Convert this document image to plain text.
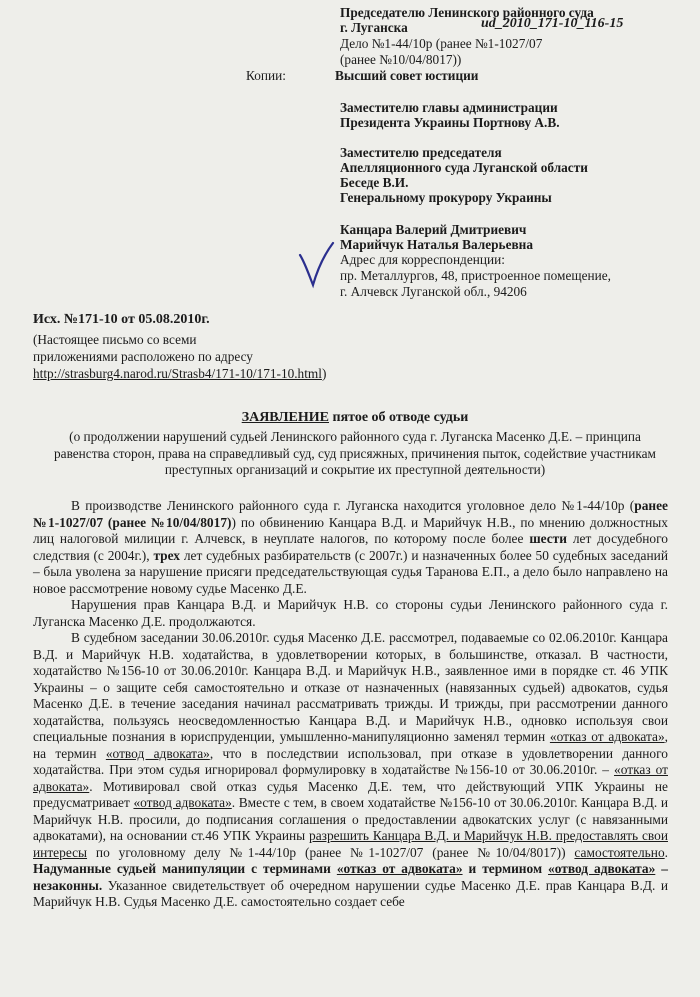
ud_2010_171-10_116-15
Председателю Ленинского районного суда
г. Луганска
Дело №1-44/10р (ранее №1-1027/07
(ранее №10/04/8017))
Копии:	Высший совет юстиции
Заместителю главы администрации
Президента Украины Портнову А.В.
Заместителю председателя
Апелляционного суда Луганской области
Беседе В.И.
Генеральному прокурору Украины
Канцара Валерий Дмитриевич
Марийчук Наталья Валерьевна
Адрес для корреспонденции:
пр. Металлургов, 48, пристроенное помещение,
г. Алчевск Луганской обл., 94206
Исх. №171-10 от 05.08.2010г.
(Настоящее письмо со всеми
приложениями расположено по адресу
http://strasburg4.narod.ru/Strasb4/171-10/171-10.html)
ЗАЯВЛЕНИЕ пятое об отводе судьи
(о продолжении нарушений судьей Ленинского районного суда г. Луганска Масенко Д.Е. – принципа равенства сторон, права на справедливый суд, суд присяжных, причинения пыток, содействие участникам преступных организаций и сокрытие их преступной деятельности)

В производстве Ленинского районного суда г. Луганска находится уголовное дело №1-44/10р (ранее №1-1027/07 (ранее №10/04/8017)) по обвинению Канцара В.Д. и Марийчук Н.В., по мнению должностных лиц налоговой милиции г. Алчевск, в неуплате налогов, по которому после более шести лет досудебного следствия (с 2004г.), трех лет судебных разбирательств (с 2007г.) и назначенных более 50 судебных заседаний – была уволена за нарушение присяги председательствующая судья Таранова Е.П., а дело было направлено на новое рассмотрение новому судье Масенко Д.Е.

Нарушения прав Канцара В.Д. и Марийчук Н.В. со стороны судьи Ленинского районного суда г. Луганска Масенко Д.Е. продолжаются.

В судебном заседании 30.06.2010г. судья Масенко Д.Е. рассмотрел, подаваемые со 02.06.2010г. Канцара В.Д. и Марийчук Н.В. ходатайства, в удовлетворении которых, в большинстве, отказал. В частности, ходатайство №156-10 от 30.06.2010г. Канцара В.Д. и Марийчук Н.В., заявленное ими в порядке ст. 46 УПК Украины – о защите себя самостоятельно и отказе от назначенных (навязанных судьей) адвокатов, судья Масенко Д.Е. в течение заседания начинал рассматривать трижды. И трижды, при рассмотрении данного ходатайства, пользуясь неосведомленностью Канцара В.Д. и Марийчук Н.В., одновко используя свои специальные познания в юриспруденции, умышленно-манипуляционно заменял термин «отказ от адвоката», на термин «отвод адвоката», что в последствии использовал, при отказе в удовлетворении данного ходатайства. При этом судья игнорировал формулировку в ходатайстве №156-10 от 30.06.2010г. – «отказ от адвоката». Мотивировал свой отказ судья Масенко Д.Е. тем, что действующий УПК Украины не предусматривает «отвод адвоката». Вместе с тем, в своем ходатайстве №156-10 от 30.06.2010г. Канцара В.Д. и Марийчук Н.В. просили, до подписания соглашения о предоставлении адвокатских услуг (с навязанными адвокатами), на основании ст.46 УПК Украины разрешить Канцара В.Д. и Марийчук Н.В. предоставлять свои интересы по уголовному делу №1-44/10р (ранее №1-1027/07 (ранее №10/04/8017)) самостоятельно. Надуманные судьей манипуляции с терминами «отказ от адвоката» и термином «отвод адвоката» – незаконны. Указанное свидетельствует об очередном нарушении судье Масенко Д.Е. прав Канцара В.Д. и Марийчук Н.В. Судья Масенко Д.Е. самостоятельно создает себе
